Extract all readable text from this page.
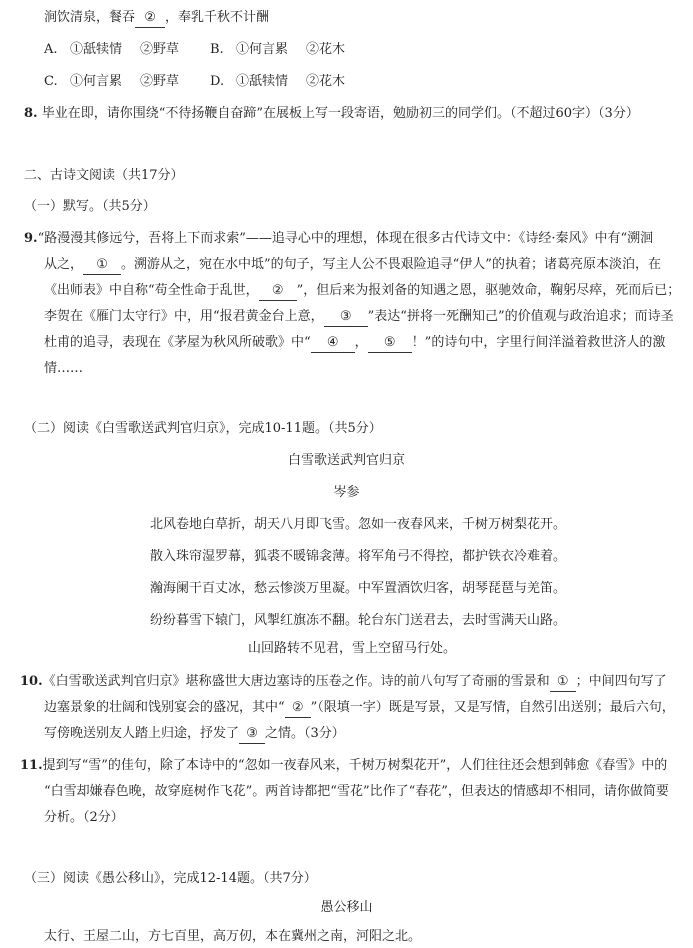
涧饮清泉，餐吞 ② ，奉乳千秋不计酬
A. ①舐犊情 ②野草 B. ①何言累 ②花木
C. ①何言累 ②野草 D. ①舐犊情 ②花木
8. 毕业在即，请你围绕“不待扬鞭自奋蹄”在展板上写一段寄语，勉励初三的同学们。（不超过60字）（3分）
二、古诗文阅读（共17分）
（一）默写。（共5分）
9.“路漫漫其修远兮，吾将上下而求索”——追寻心中的理想，体现在很多古代诗文中：《诗经·秦风》中有“溯洄
从之， ① 。溯游从之，宛在水中坻”的句子，写主人公不畏艰险追寻“伊人”的执着；诸葛亮原本淡泊，在
《出师表》中自称“苟全性命于乱世， ② ”，但后来为报刘备的知遇之恩，驱驰效命，鞠躬尽瘁，死而后已；
李贺在《雁门太守行》中，用“报君黄金台上意， ③ ”表达“拼将一死酬知己”的价值观与政治追求；而诗圣
杜甫的追寻，表现在《茅屋为秋风所破歌》中“ ④ ， ⑤ ！”的诗句中，字里行间洋溢着救世济人的激
情……
（二）阅读《白雪歌送武判官归京》，完成10-11题。（共5分）
白雪歌送武判官归京
岑参
北风卷地白草折，胡天八月即飞雪。忽如一夜春风来，千树万树梨花开。
散入珠帘湿罗幕，狐裘不暖锦衾薄。将军角弓不得控，都护铁衣冷难着。
瀚海阑干百丈冰，愁云惨淡万里凝。中军置酒饮归客，胡琴琵琶与羌笛。
纷纷暮雪下辕门，风掣红旗冻不翻。轮台东门送君去，去时雪满天山路。
山回路转不见君，雪上空留马行处。
10.《白雪歌送武判官归京》堪称盛世大唐边塞诗的压卷之作。诗的前八句写了奇丽的雪景和 ① ；中间四句写了
边塞景象的壮阔和饯别宴会的盛况，其中“ ② ”（限填一字）既是写景，又是写情，自然引出送别；最后六句，
写傍晚送别友人踏上归途，抒发了 ③ 之情。（3分）
11.提到写“雪”的佳句，除了本诗中的“忽如一夜春风来，千树万树梨花开”，人们往往还会想到韩愈《春雪》中的
“白雪却嫌春色晚，故穿庭树作飞花”。两首诗都把“雪花”比作了“春花”，但表达的情感却不相同，请你做简要
分析。（2分）
（三）阅读《愚公移山》，完成12-14题。（共7分）
愚公移山
太行、王屋二山，方七百里，高万仞，本在冀州之南，河阳之北。
